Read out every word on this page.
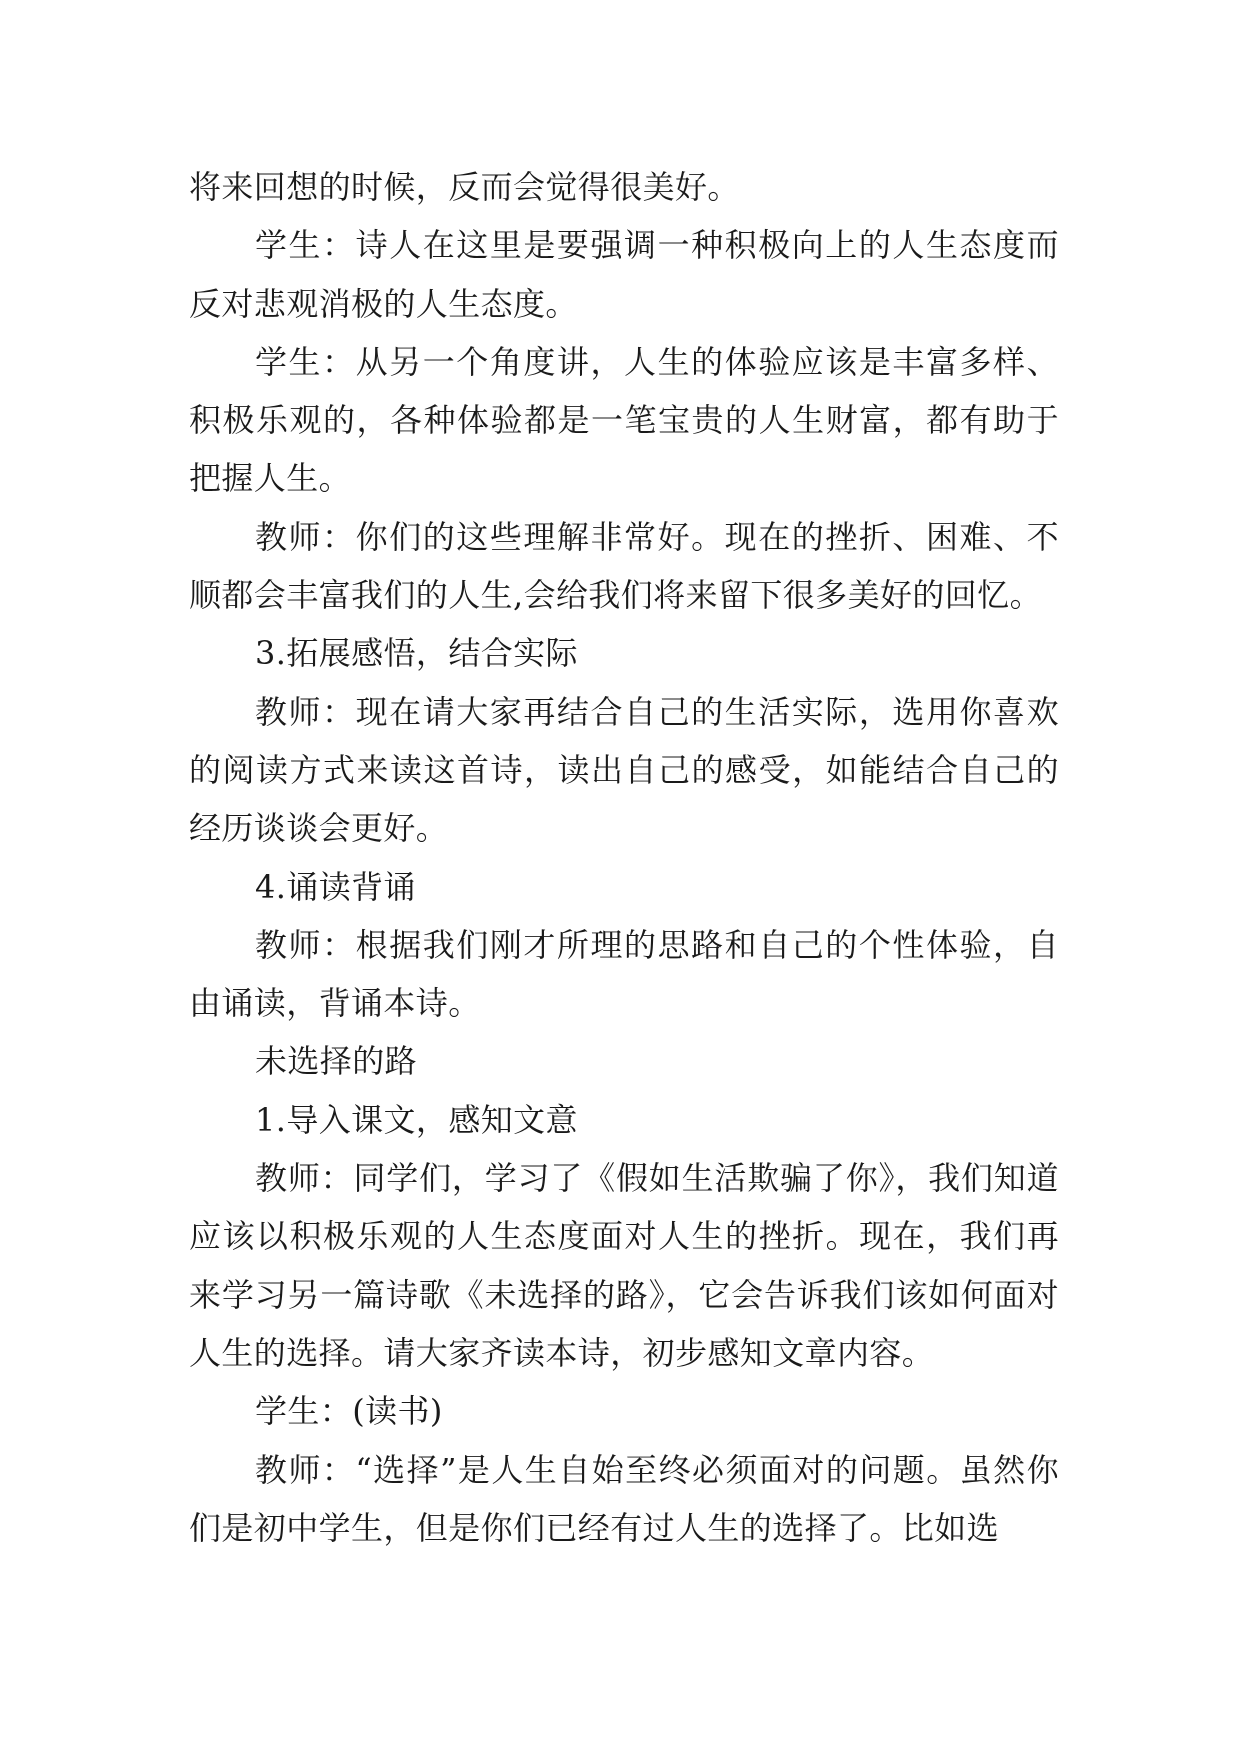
将来回想的时候，反而会觉得很美好。

学生：诗人在这里是要强调一种积极向上的人生态度而反对悲观消极的人生态度。

学生：从另一个角度讲，人生的体验应该是丰富多样、积极乐观的，各种体验都是一笔宝贵的人生财富，都有助于把握人生。

教师：你们的这些理解非常好。现在的挫折、困难、不顺都会丰富我们的人生,会给我们将来留下很多美好的回忆。

3.拓展感悟，结合实际

教师：现在请大家再结合自己的生活实际，选用你喜欢的阅读方式来读这首诗，读出自己的感受，如能结合自己的经历谈谈会更好。

4.诵读背诵

教师：根据我们刚才所理的思路和自己的个性体验，自由诵读，背诵本诗。

未选择的路

1.导入课文，感知文意

教师：同学们，学习了《假如生活欺骗了你》，我们知道应该以积极乐观的人生态度面对人生的挫折。现在，我们再来学习另一篇诗歌《未选择的路》，它会告诉我们该如何面对人生的选择。请大家齐读本诗，初步感知文章内容。

学生：(读书)

教师：“选择”是人生自始至终必须面对的问题。虽然你们是初中学生，但是你们已经有过人生的选择了。比如选
